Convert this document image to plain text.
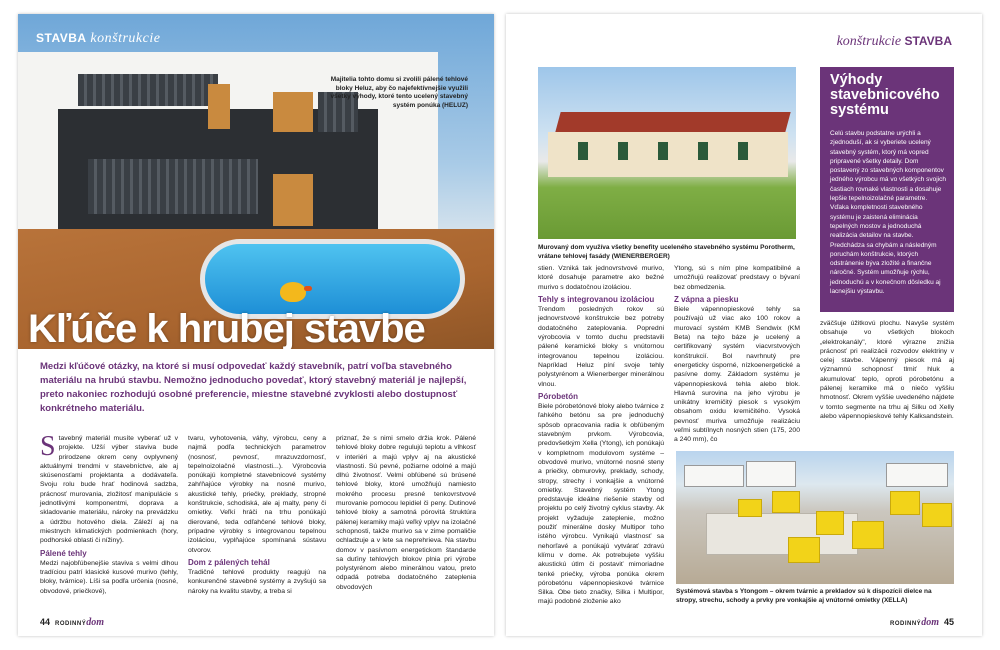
STAVBA konštrukcie
Majitelia tohto domu si zvolili pálené tehlové bloky Heluz, aby čo najefektívnejšie využili všetky výhody, ktoré tento ucelený stavebný systém ponúka (HELUZ)
Kľúče k hrubej stavbe
Medzi kľúčové otázky, na ktoré si musí odpovedať každý stavebník, patrí voľba stavebného materiálu na hrubú stavbu. Nemožno jednoducho povedať, ktorý stavebný materiál je najlepší, preto nakoniec rozhodujú osobné preferencie, miestne stavebné zvyklosti alebo dostupnosť konkrétneho materiálu.
S tavebný materiál musíte vyberať už v projekte. Užší výber stavivа bude prirodzene okrem ceny ovplyvnený aktuálnymi trendmi v stavebníctve, ale aj skúsenosťami projektanta a dodávateľa. Svoju rolu bude hrať hodinová sadzba, prácnosť murovania, zložitosť manipulácie s jednotlivými komponentmi, doprava a skladovanie materiálu, nároky na prevádzku a údržbu hotového diela. Záleží aj na miestnych klimatických podmienkach (hory, podhorské oblasti či nížiny).

Pálené tehly

Medzi najobľúbenejšie staviva s velmi dlhou tradíciou patrí klasické kusové murivo (tehly, bloky, tvárnice). Líši sa podľa určenia (nosné, obvodové, priečkové),

tvaru, vyhotovenia, váhy, výrobcu, ceny a najmä podľa technických parametrov (nosnosť, pevnosť, mrazuvzdornosť, tepelnoizolačné vlastnosti...). Výrobcovia ponúkajú kompletné stavebnicové systémy zahŕňajúce výrobky na nosné murivo, akustické tehly, priečky, preklady, stropné konštrukcie, schodiská, ale aj malty, peny či omietky. Veľkí hráči na trhu ponúkajú dierované, teda odľahčené tehlové bloky, prípadne výrobky s integrovanou tepelnou izoláciou, vyplňajúce spomínaná sústavu otvorov.

Dom z pálených tehál

Tradičné tehlové produkty reagujú na konkurenčné stavebné systémy a zvyšujú sa nároky na kvalitu stavby, a treba si

priznať, že s nimi smelo držia krok. Pálené tehlové bloky dobre regulujú teplotu a vlhkosť v interiéri a majú vplyv aj na akustické vlastnosti. Sú pevné, požiarne odolné a majú dlhú životnosť. Velmi obľúbené sú brúsené tehlové bloky, ktoré umožňujú namiesto mokrého procesu presné tenkovrstvové murovanie pomocou lepidiel či peny. Dutinové tehlové bloky a samotná pórovitá štruktúra pálenej keramiky majú veľký vplyv na izolačné schopnosti, takže murivo sa v zime pomaličie ochladzuje a v lete sa neprehrieva. Na stavbu domov v pasívnom energetickom štandarde sa duťiny tehlových blokov plnia pri výrobe polystyrénom alebo minerálnou vatou, preto odpadá potreba dodatočného zateplenia obvodových

44 RODINNÝdom
konštrukcie STAVBA
Murovaný dom využíva všetky benefity uceleného stavebného systému Porotherm, vrátane tehlovej fasády (WIENERBERGER)
Výhody stavebnicového systému

Celú stavbu podstatne urýchli a zjednoduší, ak si vyberiete ucelený stavebný systém, ktorý má vopred pripravené všetky detaily. Dom postavený zo stavebných komponentov jedného výrobcu má vo všetkých svojich častiach rovnaké vlastnosti a dosahuje lepšie tepelnoizolačné parametre. Vďaka kompletnosti stavebného systému je zaistená eliminácia tepelných mostov a jednoduchá realizácia detailov na stavbe. Predchádza sa chybám a následným poruchám konštrukcie, ktorých odstránenie býva zložité a finančne náročné. Systém umožňuje rýchlu, jednoduchú a v konečnom dôsledku aj lacnejšiu výstavbu.

stien. Vzniká tak jednovrstvové murivo, ktoré dosahuje parametre ako bežné murivo s dodatočnou izoláciou.

Tehly s integrovanou izoláciou

Trendom posledných rokov sú jednovrstvové konštrukcie bez potreby dodatočného zateplovania. Popredni výrobcovia v tomto duchu predstavili pálené keramické bloky s vnútornou integrovanou tepelnou izoláciou. Napríklad Heluz píní svoje tehly polystyrénom a Wienerberger minerálnou vlnou.

Pórobetón

Biele pórobetónové bloky alebo tvárnice z ľahkého betónu sa pre jednoduchý spôsob opracovania radia k obľúbeným stavebným prvkom. Výrobcovia, predovšetkým Xella (Ytong), ich ponúkajú v kompletnom modulovom systéme – obvodové murivo, vnútorné nosné steny a priečky, obmurovky, preklady, schody, stropy, strechy i vonkajšie a vnútorné omietky. Stavebný systém Ytong predstavuje ideálne riešenie stavby od projektu po celý životný cyklus stavby. Ak projekt vyžaduje zateplenie, možno použiť minerálne dosky Multipor toho istého výrobcu. Vynikajú vlastnosť sa nehorľavé a ponúkajú vytvárať zdravú klímu v dome. Ak potrebujete vyššiu akustickú útlm či postaviť mimoriadne tenké priečky, výroba ponúka okrem pórobetónu vápennopieskové tvárnice Silka. Obe tieto značky, Silka i Multipor, majú podobné zloženie ako

Ytong, sú s ním plne kompatibilné a umožňujú realizovať predstavy o bývaní bez obmedzenia.

Z vápna a piesku

Biele vápennopieskové tehly sa používajú už viac ako 100 rokov a murovací systém KMB Sendwix (KM Beta) na tejto báze je ucelený a certifikovaný systém viacvrstvových konštrukcií. Bol navrhnutý pre energeticky úsporné, nízkoenergetické a pasívne domy. Základom systému je vápennopiesková tehla alebo blok. Hlavná surovina na jeho výrobu je unikátny kremičitý piesok s vysokým obsahom oxidu kremičitého. Vysoká pevnosť muriva umožňuje realizáciu veľmi subtílnych nosných stien (175, 200 a 240 mm), čo

zväčšuje úžitkovú plochu. Navyše systém obsahuje vo všetkých blokoch „elektrokanály", ktoré výrazne znižia prácnosť pri realizácii rozvodov elektriny v celej stavbe. Vápenný piesok má aj významnú schopnosť tlmiť hluk a akumulovať teplo, oproti pórobetónu a pálenej keramike má o niečo vyššiu hmotnosť. Okrem vyššie uvedeného nájdete v tomto segmente na trhu aj Silku od Xelly alebo vápennopieskové tehly Kalksandstein.

Systémová stavba s Ytongom – okrem tvárnic a prekladov sú k dispozícii dielce na stropy, strechu, schody a prvky pre vonkajšie aj vnútorné omietky (XELLA)
RODINNÝdom 45
